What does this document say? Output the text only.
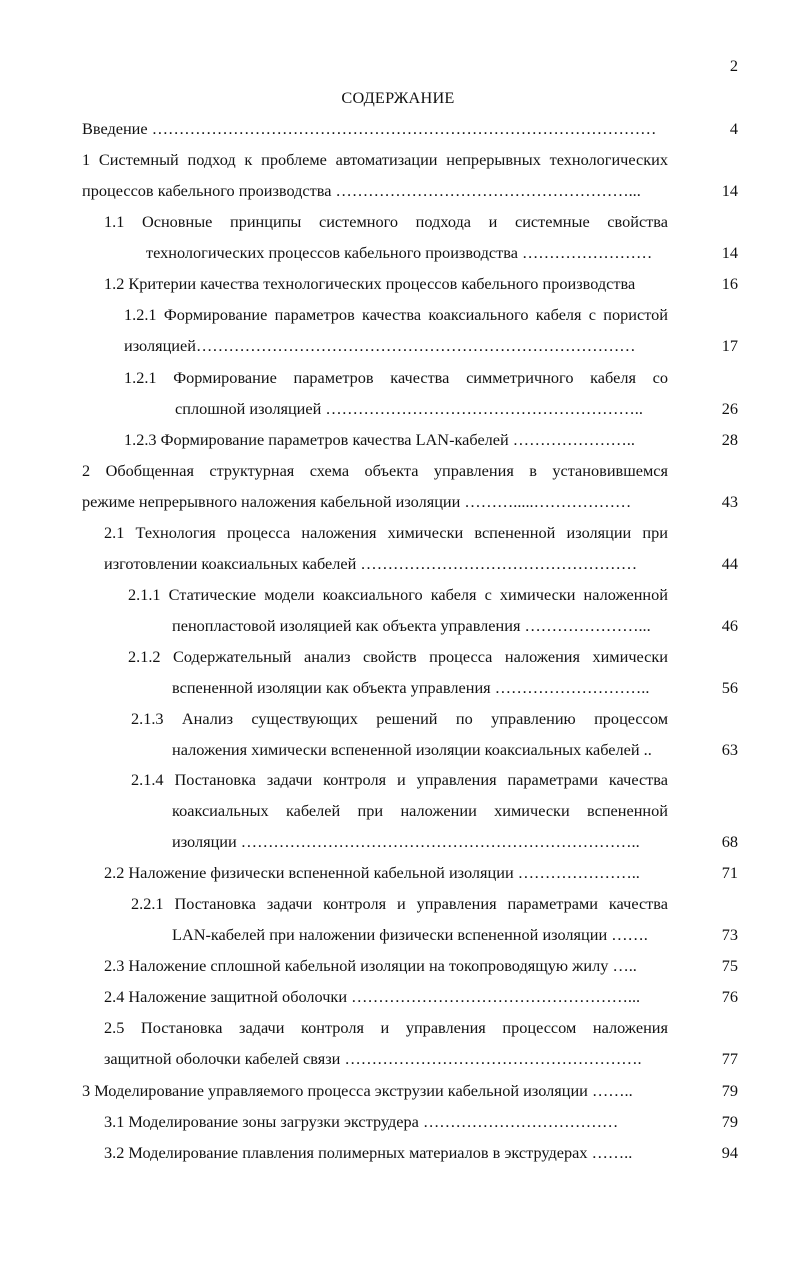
2
СОДЕРЖАНИЕ
Введение …………………………………………………………………………………	4
1 Системный подход к проблеме автоматизации непрерывных технологических
процессов кабельного производства ………………………………………………...	14
1.1 Основные принципы системного подхода и системные свойства
технологических процессов кабельного производства ……………………	14
1.2 Критерии качества технологических процессов кабельного производства	16
1.2.1 Формирование параметров качества коаксиального кабеля с пористой
изоляцией………………………………………………………………………	17
1.2.1 Формирование параметров качества симметричного кабеля со
сплошной изоляцией …………………………………………………..	26
1.2.3 Формирование параметров качества LAN-кабелей …………………..	28
2 Обобщенная структурная схема объекта управления в установившемся
режиме непрерывного наложения кабельной изоляции ……….....………………	43
2.1 Технология процесса наложения химически вспененной изоляции при
изготовлении коаксиальных кабелей ……………………………………………	44
2.1.1 Статические модели коаксиального кабеля с химически наложенной
пенопластовой изоляцией как объекта управления …………………...	46
2.1.2 Содержательный анализ свойств процесса наложения химически
вспененной изоляции как объекта управления ………………………..	56
2.1.3 Анализ существующих решений по управлению процессом
наложения химически вспененной изоляции коаксиальных кабелей ..	63
2.1.4 Постановка задачи контроля и управления параметрами качества
коаксиальных кабелей при наложении химически вспененной
изоляции ………………………………………………………………..	68
2.2 Наложение физически вспененной кабельной изоляции …………………..	71
2.2.1 Постановка задачи контроля и управления параметрами качества
LAN-кабелей при наложении физически вспененной изоляции …….	73
2.3 Наложение сплошной кабельной изоляции на токопроводящую жилу …..	75
2.4 Наложение защитной оболочки ……………………………………………...	76
2.5 Постановка задачи контроля и управления процессом наложения
защитной оболочки кабелей связи ……………………………………………….	77
3 Моделирование управляемого процесса экструзии кабельной изоляции ……..	79
3.1 Моделирование зоны загрузки экструдера ………………………………	79
3.2 Моделирование плавления полимерных материалов в экструдерах ……..	94
